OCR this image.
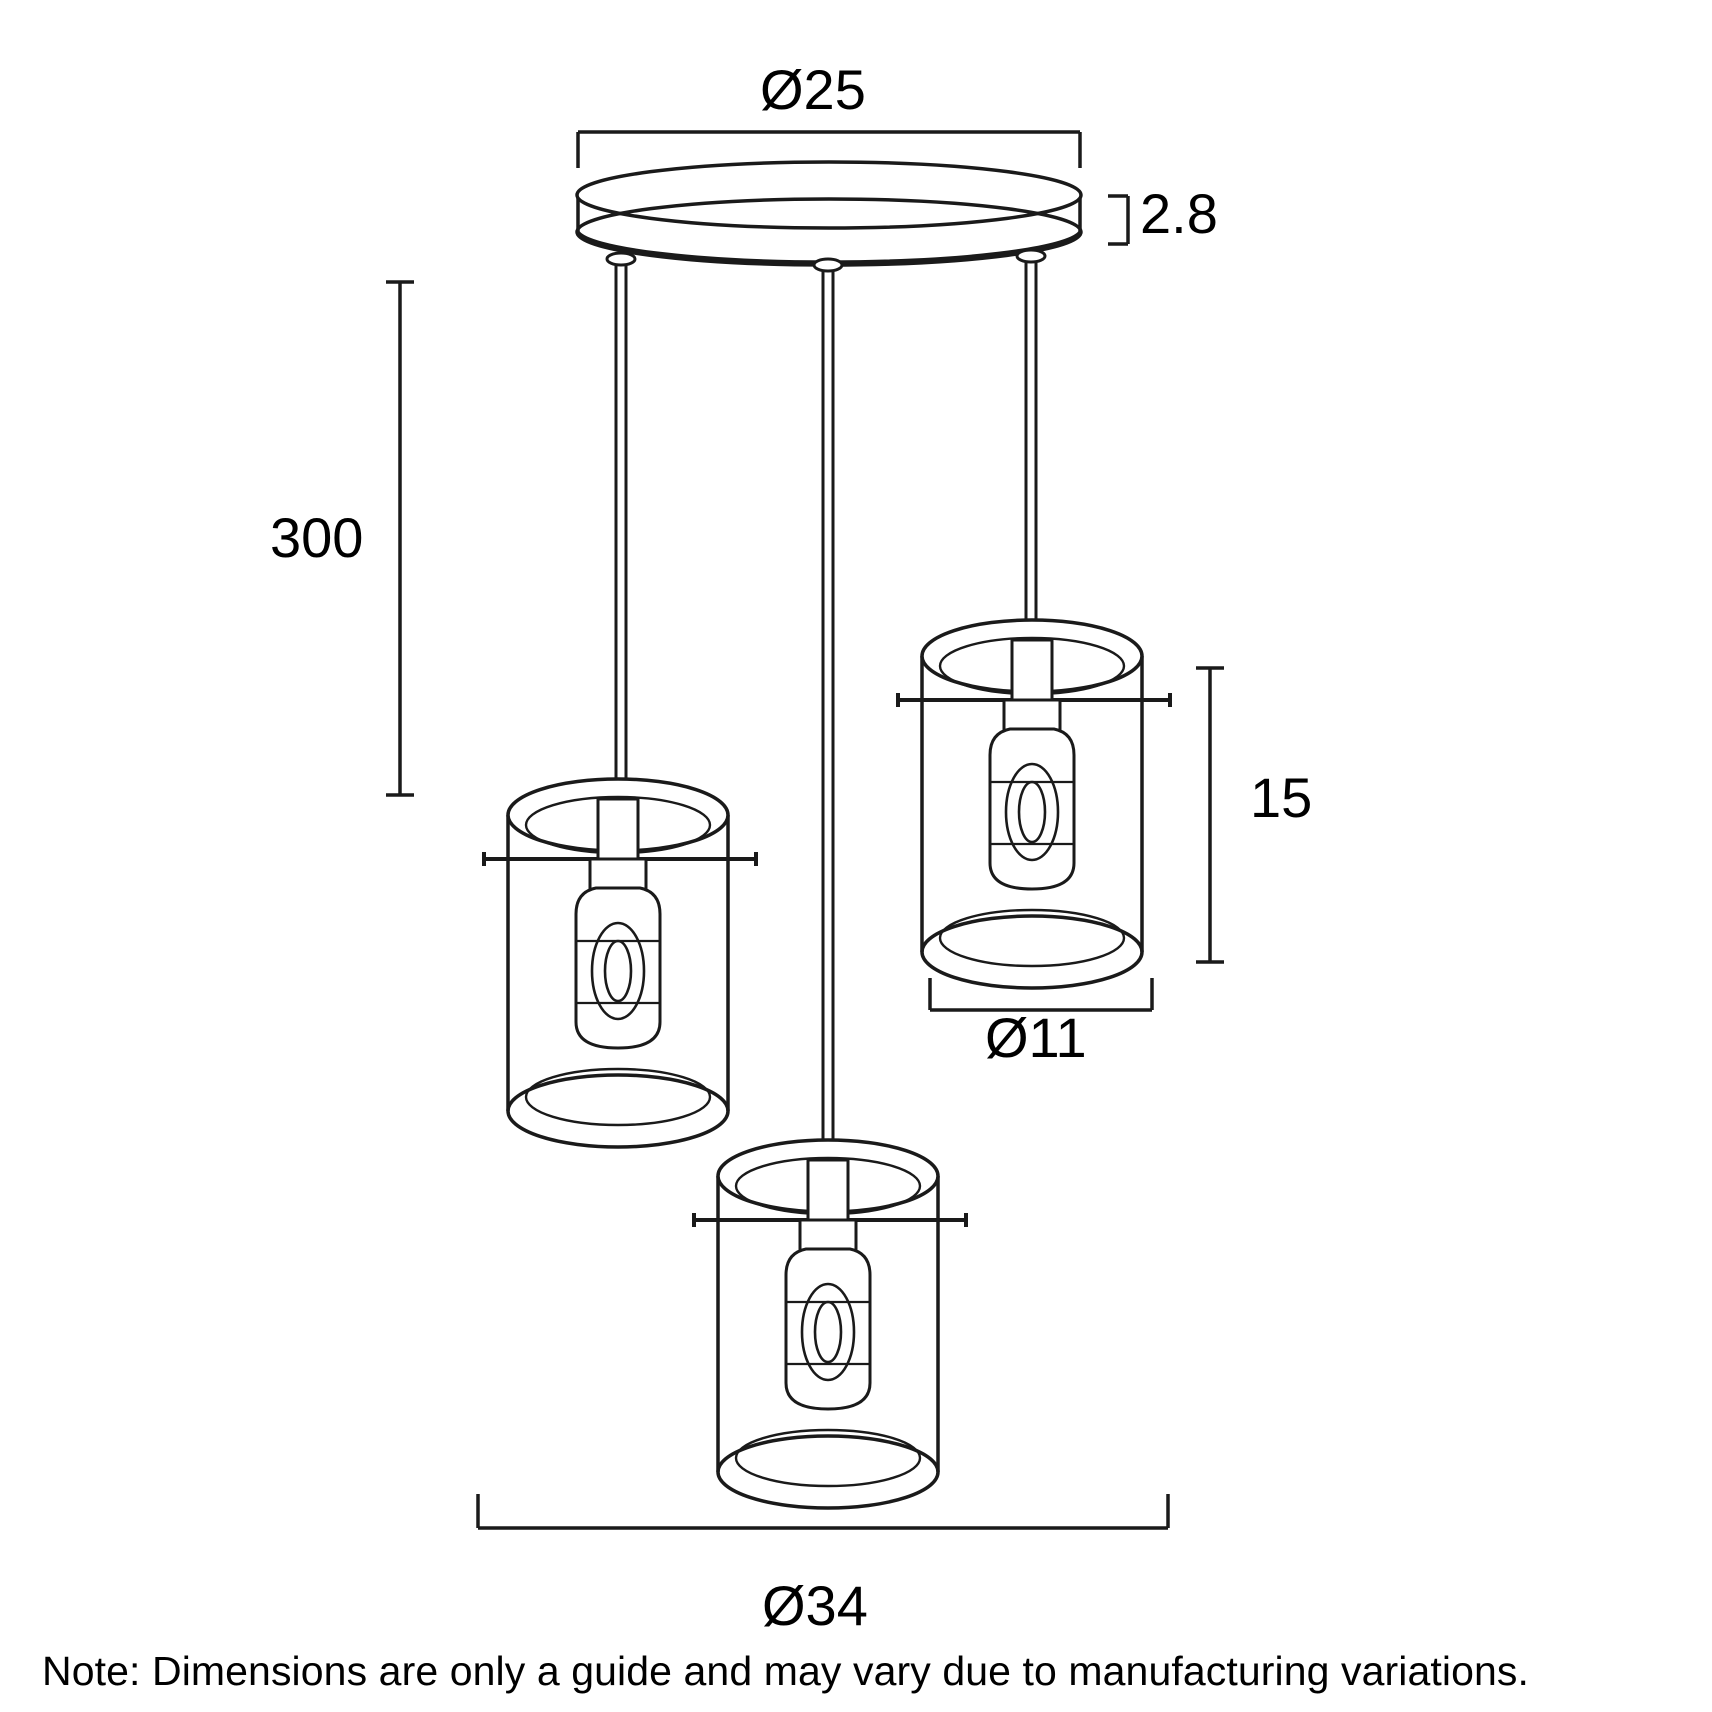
Ø25
2.8
300
15
Ø11
Ø34
Note: Dimensions are only a guide and may vary due to manufacturing variations.
